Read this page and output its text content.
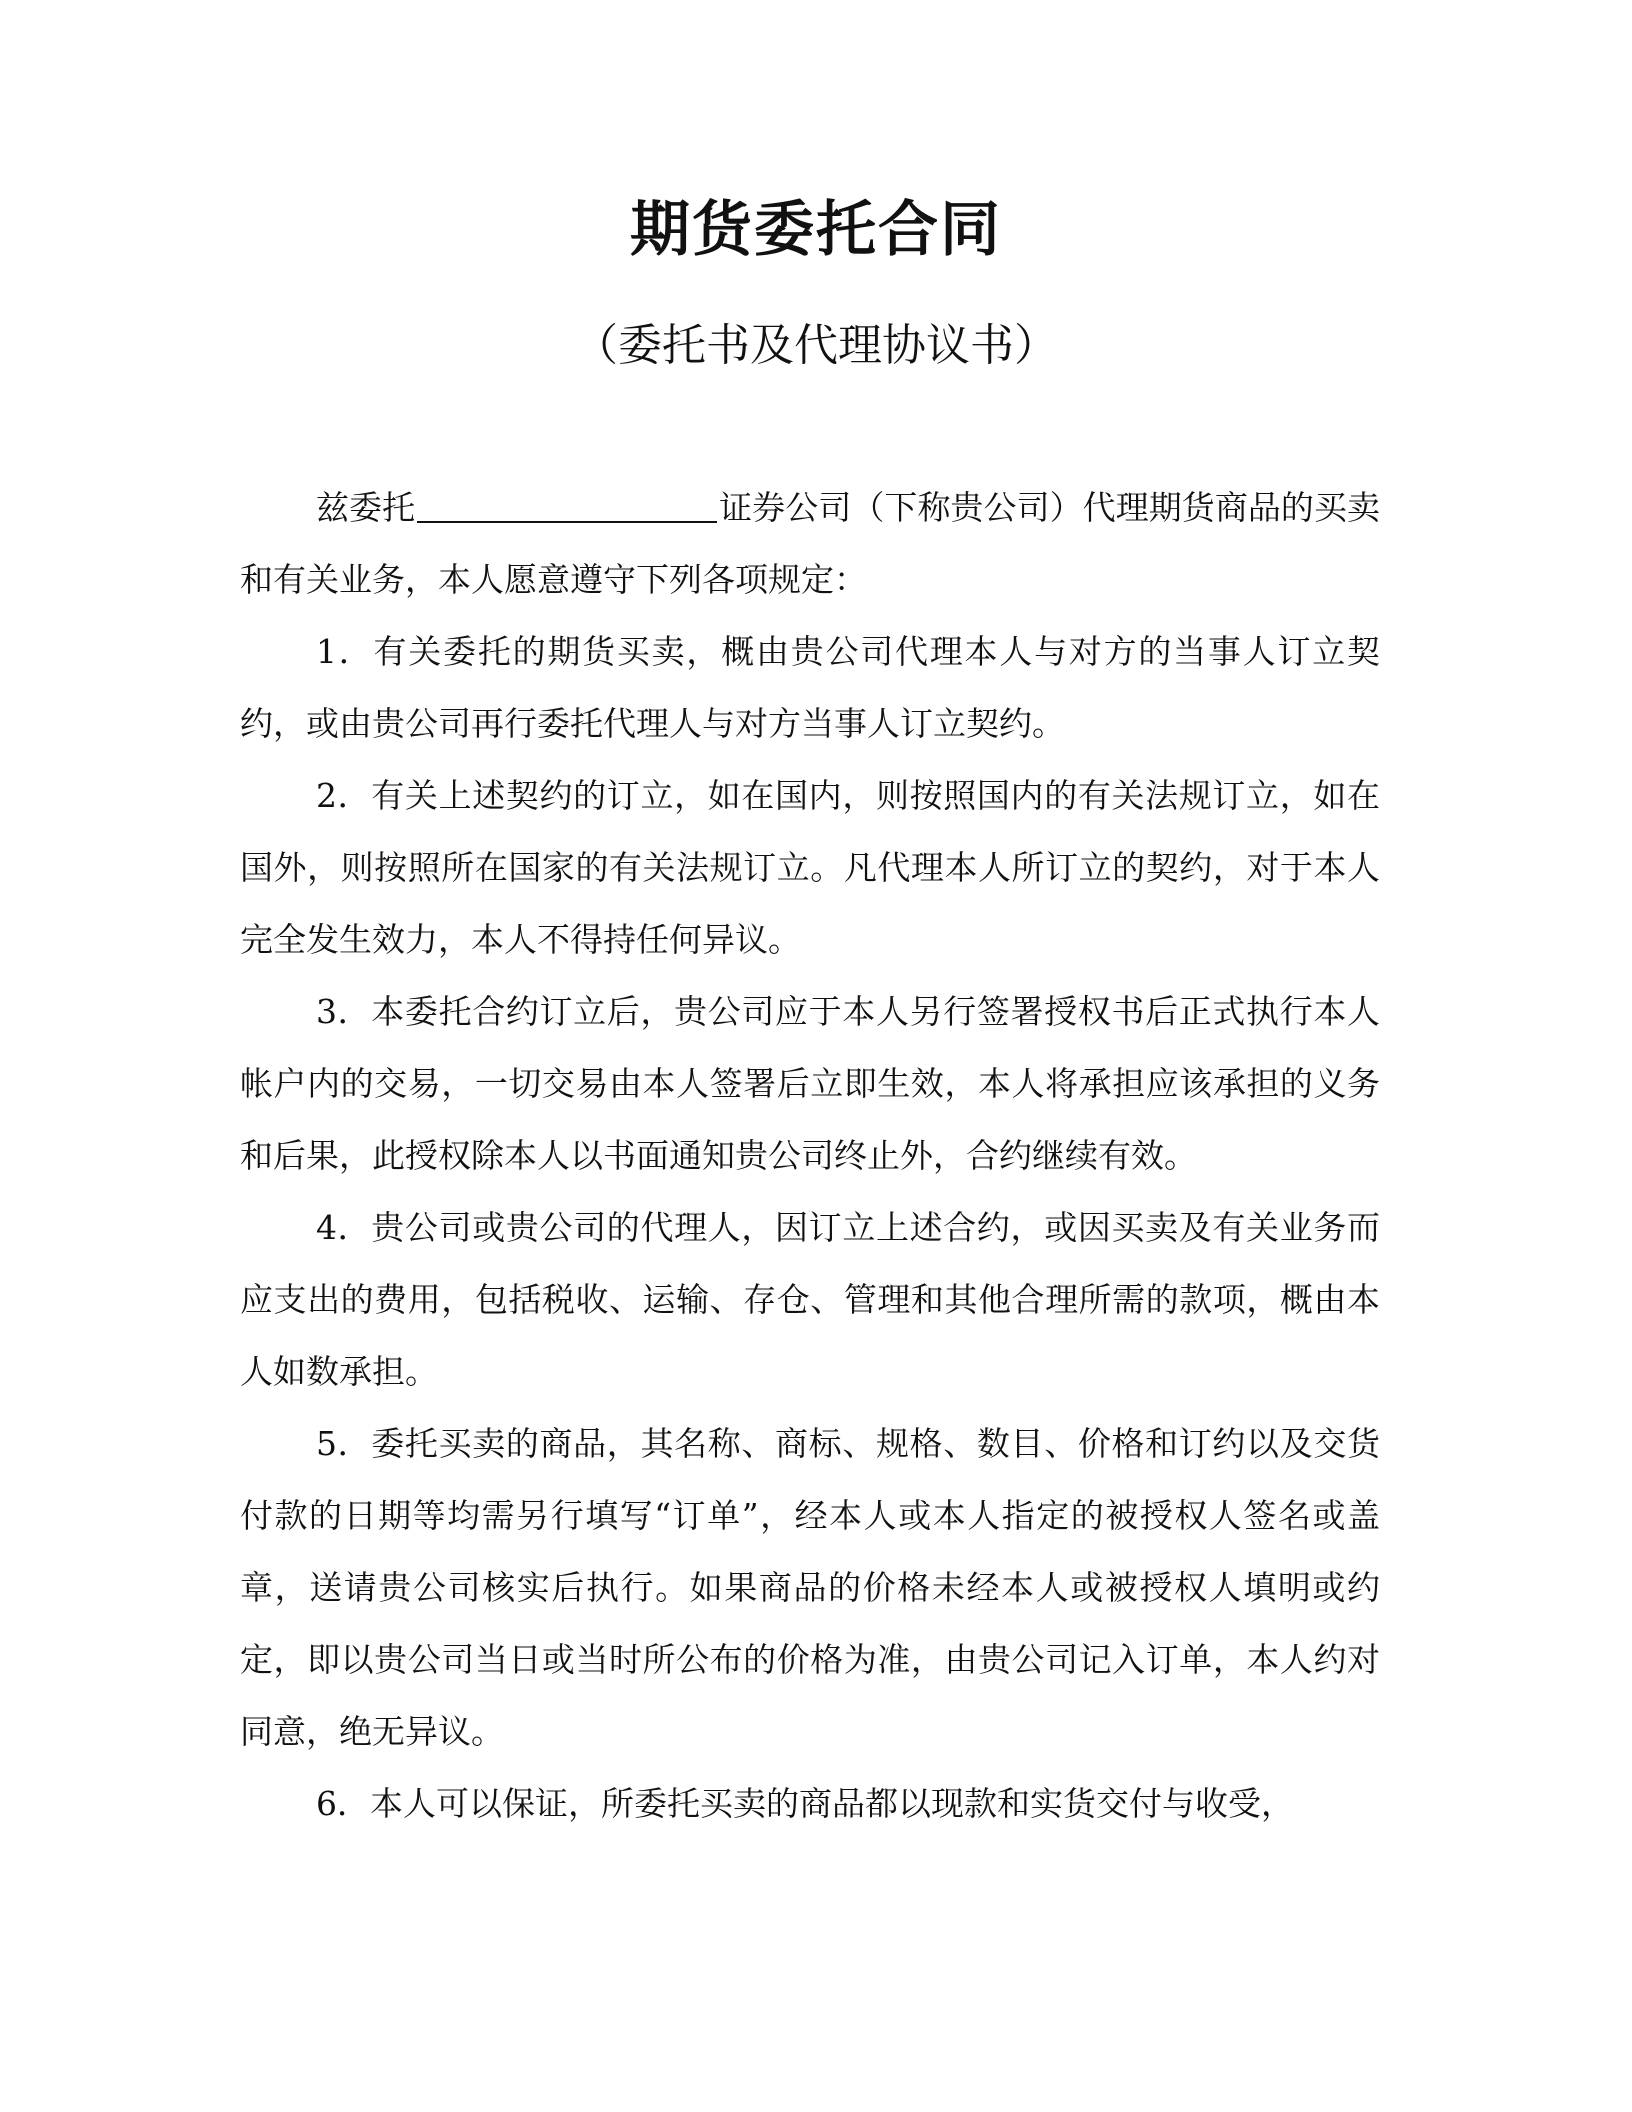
期货委托合同
（委托书及代理协议书）

兹委托	证券公司（下称贵公司）代理期货商品的买卖和有关业务，本人愿意遵守下列各项规定：

1．有关委托的期货买卖，概由贵公司代理本人与对方的当事人订立契约，或由贵公司再行委托代理人与对方当事人订立契约。

2．有关上述契约的订立，如在国内，则按照国内的有关法规订立，如在国外，则按照所在国家的有关法规订立。凡代理本人所订立的契约，对于本人完全发生效力，本人不得持任何异议。

3．本委托合约订立后，贵公司应于本人另行签署授权书后正式执行本人帐户内的交易，一切交易由本人签署后立即生效，本人将承担应该承担的义务和后果，此授权除本人以书面通知贵公司终止外，合约继续有效。

4．贵公司或贵公司的代理人，因订立上述合约，或因买卖及有关业务而应支出的费用，包括税收、运输、存仓、管理和其他合理所需的款项，概由本人如数承担。

5．委托买卖的商品，其名称、商标、规格、数目、价格和订约以及交货付款的日期等均需另行填写“订单”，经本人或本人指定的被授权人签名或盖章，送请贵公司核实后执行。如果商品的价格未经本人或被授权人填明或约定，即以贵公司当日或当时所公布的价格为准，由贵公司记入订单，本人约对同意，绝无异议。

6．本人可以保证，所委托买卖的商品都以现款和实货交付与收受，
